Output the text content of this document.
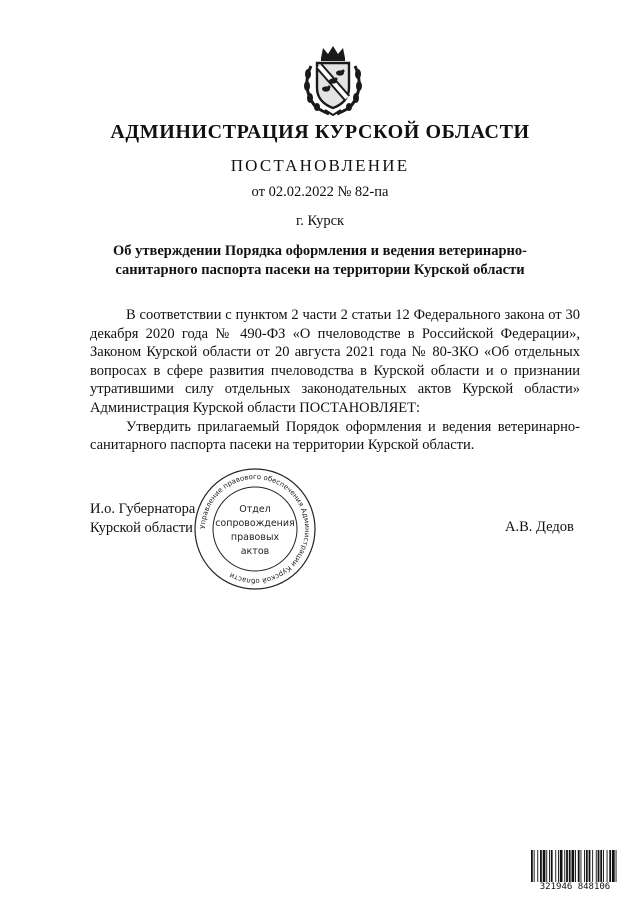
АДМИНИСТРАЦИЯ КУРСКОЙ ОБЛАСТИ
ПОСТАНОВЛЕНИЕ
от 02.02.2022 № 82-па
г. Курск
Об утверждении Порядка оформления и ведения ветеринарно-
санитарного паспорта пасеки на территории Курской области

В соответствии с пунктом 2 части 2 статьи 12 Федерального закона от 30 декабря 2020 года № 490-ФЗ «О пчеловодстве в Российской Федерации», Законом Курской области от 20 августа 2021 года № 80-ЗКО «Об отдельных вопросах в сфере развития пчеловодства в Курской области и о признании утратившими силу отдельных законодательных актов Курской области» Администрация Курской области ПОСТАНОВЛЯЕТ:

Утвердить прилагаемый Порядок оформления и ведения ветеринарно-санитарного паспорта пасеки на территории Курской области.

И.о. Губернатора
Курской области	А.В. Дедов
Управление правового обеспечения Администрации Курской области
Отдел
сопровождения
правовых
актов
321946 848106
